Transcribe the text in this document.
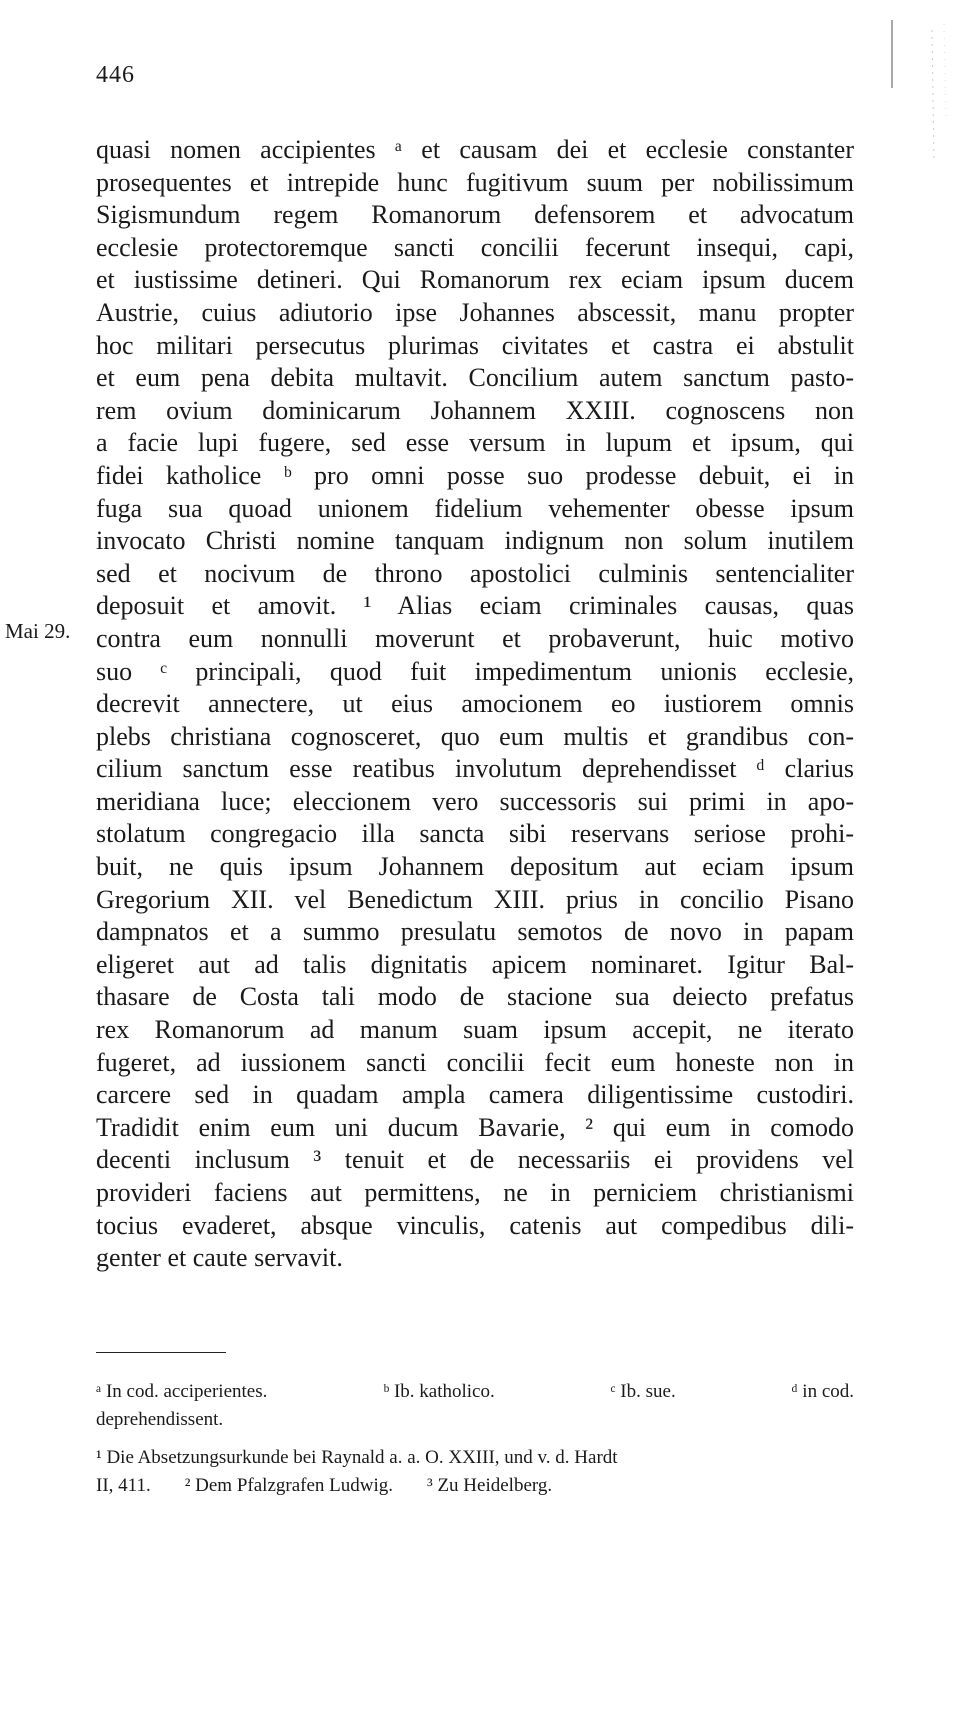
446
Mai 29.
quasi nomen accipientes ᵃ et causam dei et ecclesie constanter
prosequentes et intrepide hunc fugitivum suum per nobilissimum
Sigismundum regem Romanorum defensorem et advocatum
ecclesie protectoremque sancti concilii fecerunt insequi, capi,
et iustissime detineri. Qui Romanorum rex eciam ipsum ducem
Austrie, cuius adiutorio ipse Johannes abscessit, manu propter
hoc militari persecutus plurimas civitates et castra ei abstulit
et eum pena debita multavit. Concilium autem sanctum pasto-
rem ovium dominicarum Johannem XXIII. cognoscens non
a facie lupi fugere, sed esse versum in lupum et ipsum, qui
fidei katholice ᵇ pro omni posse suo prodesse debuit, ei in
fuga sua quoad unionem fidelium vehementer obesse ipsum
invocato Christi nomine tanquam indignum non solum inutilem
sed et nocivum de throno apostolici culminis sentencialiter
deposuit et amovit. ¹ Alias eciam criminales causas, quas
contra eum nonnulli moverunt et probaverunt, huic motivo
suo ᶜ principali, quod fuit impedimentum unionis ecclesie,
decrevit annectere, ut eius amocionem eo iustiorem omnis
plebs christiana cognosceret, quo eum multis et grandibus con-
cilium sanctum esse reatibus involutum deprehendisset ᵈ clarius
meridiana luce; eleccionem vero successoris sui primi in apo-
stolatum congregacio illa sancta sibi reservans seriose prohi-
buit, ne quis ipsum Johannem depositum aut eciam ipsum
Gregorium XII. vel Benedictum XIII. prius in concilio Pisano
dampnatos et a summo presulatu semotos de novo in papam
eligeret aut ad talis dignitatis apicem nominaret. Igitur Bal-
thasare de Costa tali modo de stacione sua deiecto prefatus
rex Romanorum ad manum suam ipsum accepit, ne iterato
fugeret, ad iussionem sancti concilii fecit eum honeste non in
carcere sed in quadam ampla camera diligentissime custodiri.
Tradidit enim eum uni ducum Bavarie, ² qui eum in comodo
decenti inclusum ³ tenuit et de necessariis ei providens vel
provideri faciens aut permittens, ne in perniciem christianismi
tocius evaderet, absque vinculis, catenis aut compedibus dili-
genter et caute servavit.
ᵃ In cod. acciperientes.	ᵇ Ib. katholico.	ᶜ Ib. sue.	ᵈ in cod.
deprehendissent.
¹ Die Absetzungsurkunde bei Raynald a. a. O. XXIII, und v. d. Hardt
II, 411. ² Dem Pfalzgrafen Ludwig. ³ Zu Heidelberg.
